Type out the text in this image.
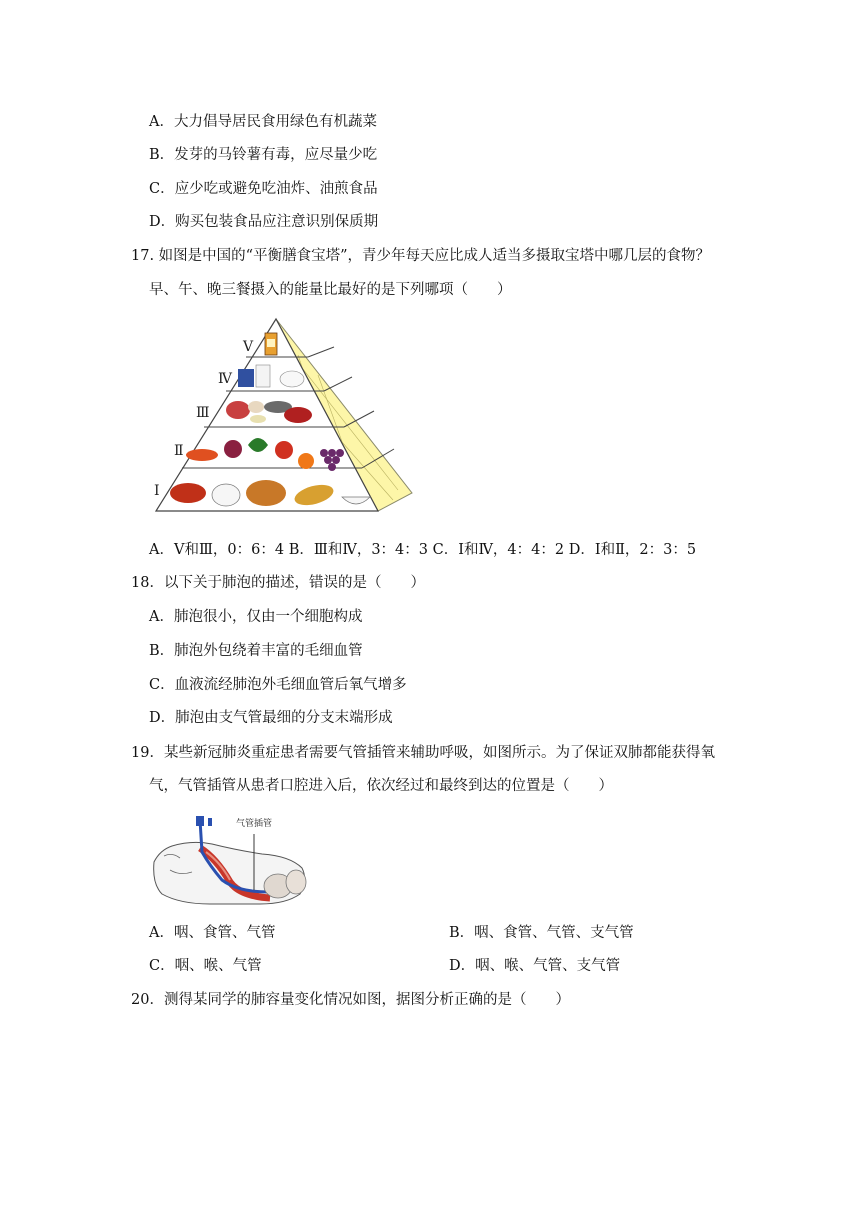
A．大力倡导居民食用绿色有机蔬菜
B．发芽的马铃薯有毒，应尽量少吃
C．应少吃或避免吃油炸、油煎食品
D．购买包装食品应注意识别保质期
17. 如图是中国的“平衡膳食宝塔”，青少年每天应比成人适当多摄取宝塔中哪几层的食物？
早、午、晚三餐摄入的能量比最好的是下列哪项（　　）
Ⅴ
Ⅳ
Ⅲ
Ⅱ
Ⅰ
A．Ⅴ和Ⅲ，0：6：4 B．Ⅲ和Ⅳ，3：4：3 C．Ⅰ和Ⅳ，4：4：2 D．Ⅰ和Ⅱ，2：3：5
18．以下关于肺泡的描述，错误的是（　　）
A．肺泡很小，仅由一个细胞构成
B．肺泡外包绕着丰富的毛细血管
C．血液流经肺泡外毛细血管后氧气增多
D．肺泡由支气管最细的分支末端形成
19．某些新冠肺炎重症患者需要气管插管来辅助呼吸，如图所示。为了保证双肺都能获得氧
气，气管插管从患者口腔进入后，依次经过和最终到达的位置是（　　）
气管插管
A．咽、食管、气管	B．咽、食管、气管、支气管
C．咽、喉、气管	D．咽、喉、气管、支气管
20．测得某同学的肺容量变化情况如图，据图分析正确的是（　　）
